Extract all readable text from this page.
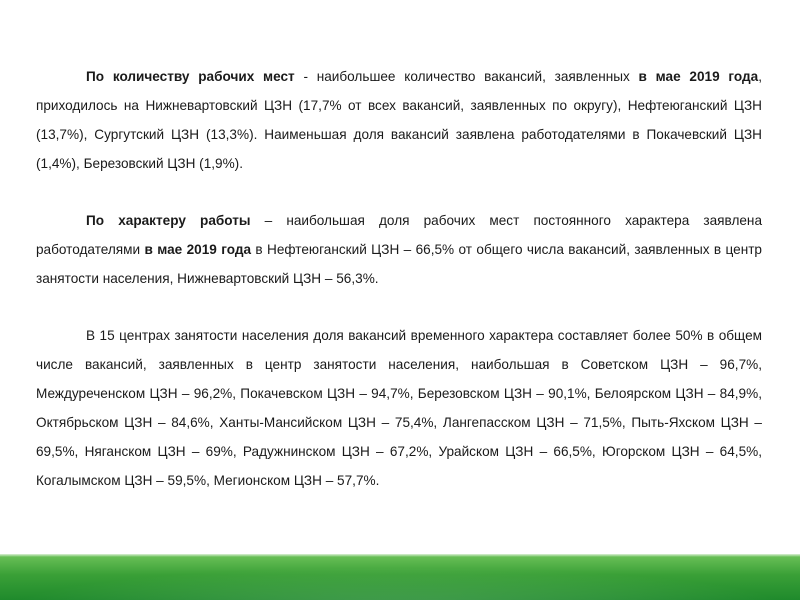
По количеству рабочих мест - наибольшее количество вакансий, заявленных в мае 2019 года, приходилось на Нижневартовский ЦЗН (17,7% от всех вакансий, заявленных по округу), Нефтеюганский ЦЗН (13,7%), Сургутский ЦЗН (13,3%). Наименьшая доля вакансий заявлена работодателями в Покачевский ЦЗН (1,4%), Березовский ЦЗН (1,9%).

По характеру работы – наибольшая доля рабочих мест постоянного характера заявлена работодателями в мае 2019 года в Нефтеюганский ЦЗН – 66,5% от общего числа вакансий, заявленных в центр занятости населения, Нижневартовский ЦЗН – 56,3%.

В 15 центрах занятости населения доля вакансий временного характера составляет более 50% в общем числе вакансий, заявленных в центр занятости населения, наибольшая в Советском ЦЗН – 96,7%, Междуреченском ЦЗН – 96,2%, Покачевском ЦЗН – 94,7%, Березовском ЦЗН – 90,1%, Белоярском ЦЗН – 84,9%, Октябрьском ЦЗН – 84,6%, Ханты-Мансийском ЦЗН – 75,4%, Лангепасском ЦЗН – 71,5%, Пыть-Яхском ЦЗН – 69,5%, Няганском ЦЗН – 69%, Радужнинском ЦЗН – 67,2%, Урайском ЦЗН – 66,5%, Югорском ЦЗН – 64,5%, Когалымском ЦЗН – 59,5%, Мегионском ЦЗН – 57,7%.
